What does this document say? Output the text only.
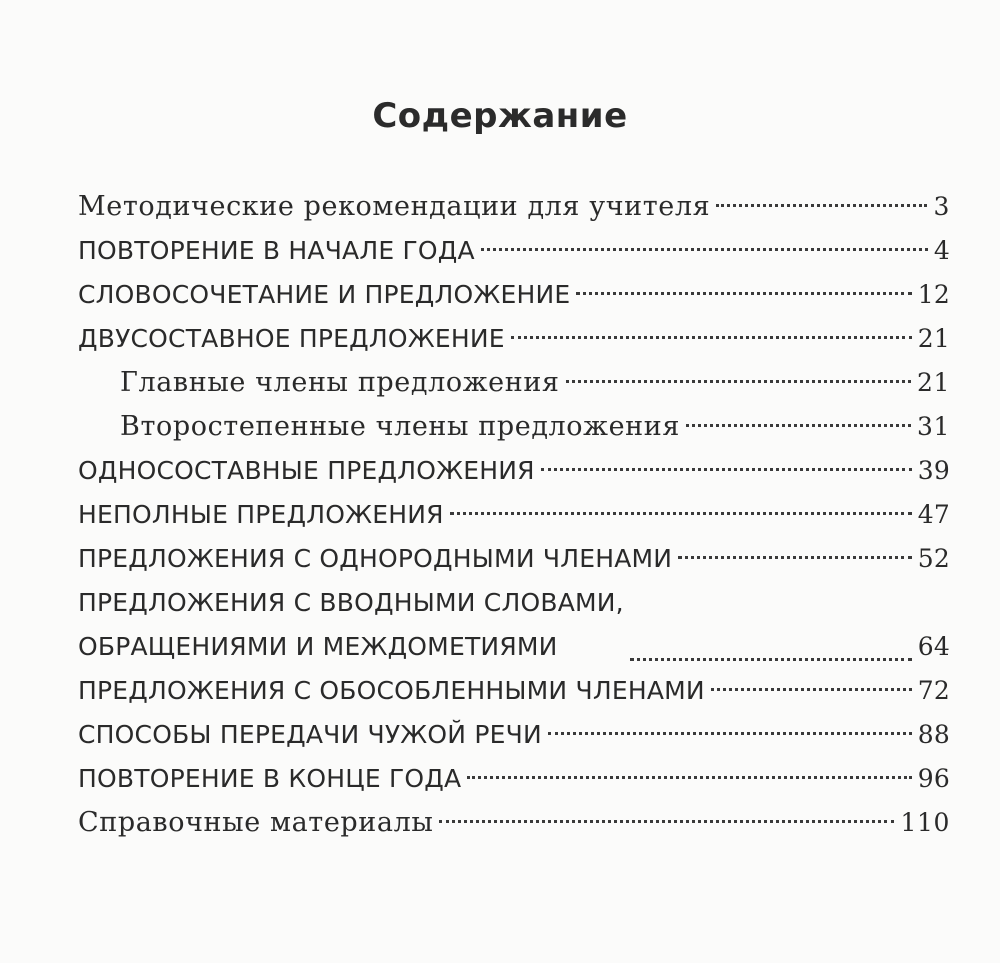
Содержание
Методические рекомендации для учителя	3
ПОВТОРЕНИЕ В НАЧАЛЕ ГОДА	4
СЛОВОСОЧЕТАНИЕ И ПРЕДЛОЖЕНИЕ	12
ДВУСОСТАВНОЕ ПРЕДЛОЖЕНИЕ	21
Главные члены предложения	21
Второстепенные члены предложения	31
ОДНОСОСТАВНЫЕ ПРЕДЛОЖЕНИЯ	39
НЕПОЛНЫЕ ПРЕДЛОЖЕНИЯ	47
ПРЕДЛОЖЕНИЯ С ОДНОРОДНЫМИ ЧЛЕНАМИ	52
ПРЕДЛОЖЕНИЯ С ВВОДНЫМИ СЛОВАМИ,
ОБРАЩЕНИЯМИ И МЕЖДОМЕТИЯМИ	64
ПРЕДЛОЖЕНИЯ С ОБОСОБЛЕННЫМИ ЧЛЕНАМИ	72
СПОСОБЫ ПЕРЕДАЧИ ЧУЖОЙ РЕЧИ	88
ПОВТОРЕНИЕ В КОНЦЕ ГОДА	96
Справочные материалы	110
